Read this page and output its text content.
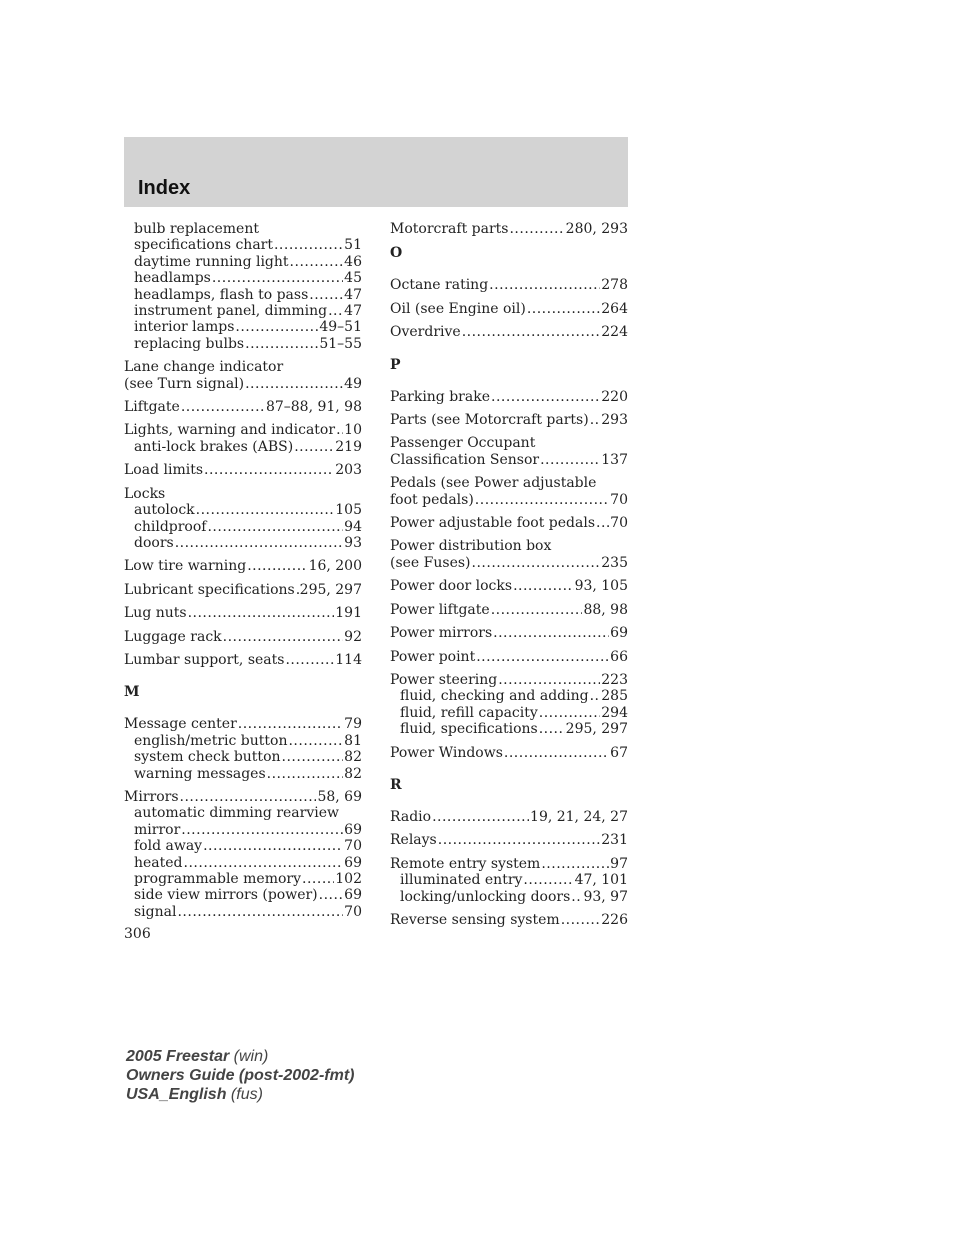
Index
bulb replacement
specifications chart .....	51
daytime running light .....	46
headlamps .....	45
headlamps, flash to pass .....	47
instrument panel, dimming ..... 47
interior lamps .....	49–51
replacing bulbs .....	51–55
Lane change indicator
(see Turn signal) .....	49
Liftgate .....	87–88, 91, 98
Lights, warning and indicator ..... 10
anti-lock brakes (ABS) .....	219
Load limits .....	203
Locks
autolock .....	105
childproof .....	94
doors .....	93
Low tire warning .....	16, 200
Lubricant specifications ..... 295, 297
Lug nuts .....	191
Luggage rack .....	92
Lumbar support, seats .....	114
M
Message center .....	79
english/metric button .....	81
system check button .....	82
warning messages .....	82
Mirrors .....	58, 69
automatic dimming rearview
mirror .....	69
fold away .....	70
heated .....	69
programmable memory ..... 102
side view mirrors (power) ..... 69
signal .....	70
Motorcraft parts .....	280, 293
O
Octane rating .....	278
Oil (see Engine oil) .....	264
Overdrive .....	224
P
Parking brake .....	220
Parts (see Motorcraft parts) ..... 293
Passenger Occupant
Classification Sensor .....	137
Pedals (see Power adjustable
foot pedals) .....	70
Power adjustable foot pedals ..... 70
Power distribution box
(see Fuses) .....	235
Power door locks .....	93, 105
Power liftgate .....	88, 98
Power mirrors .....	69
Power point .....	66
Power steering .....	223
fluid, checking and adding ..... 285
fluid, refill capacity .....	294
fluid, specifications ..... 295, 297
Power Windows .....	67
R
Radio .....	19, 21, 24, 27
Relays .....	231
Remote entry system .....	97
illuminated entry .....	47, 101
locking/unlocking doors ..... 93, 97
Reverse sensing system .....	226
306
2005 Freestar (win)
Owners Guide (post-2002-fmt)
USA_English (fus)
